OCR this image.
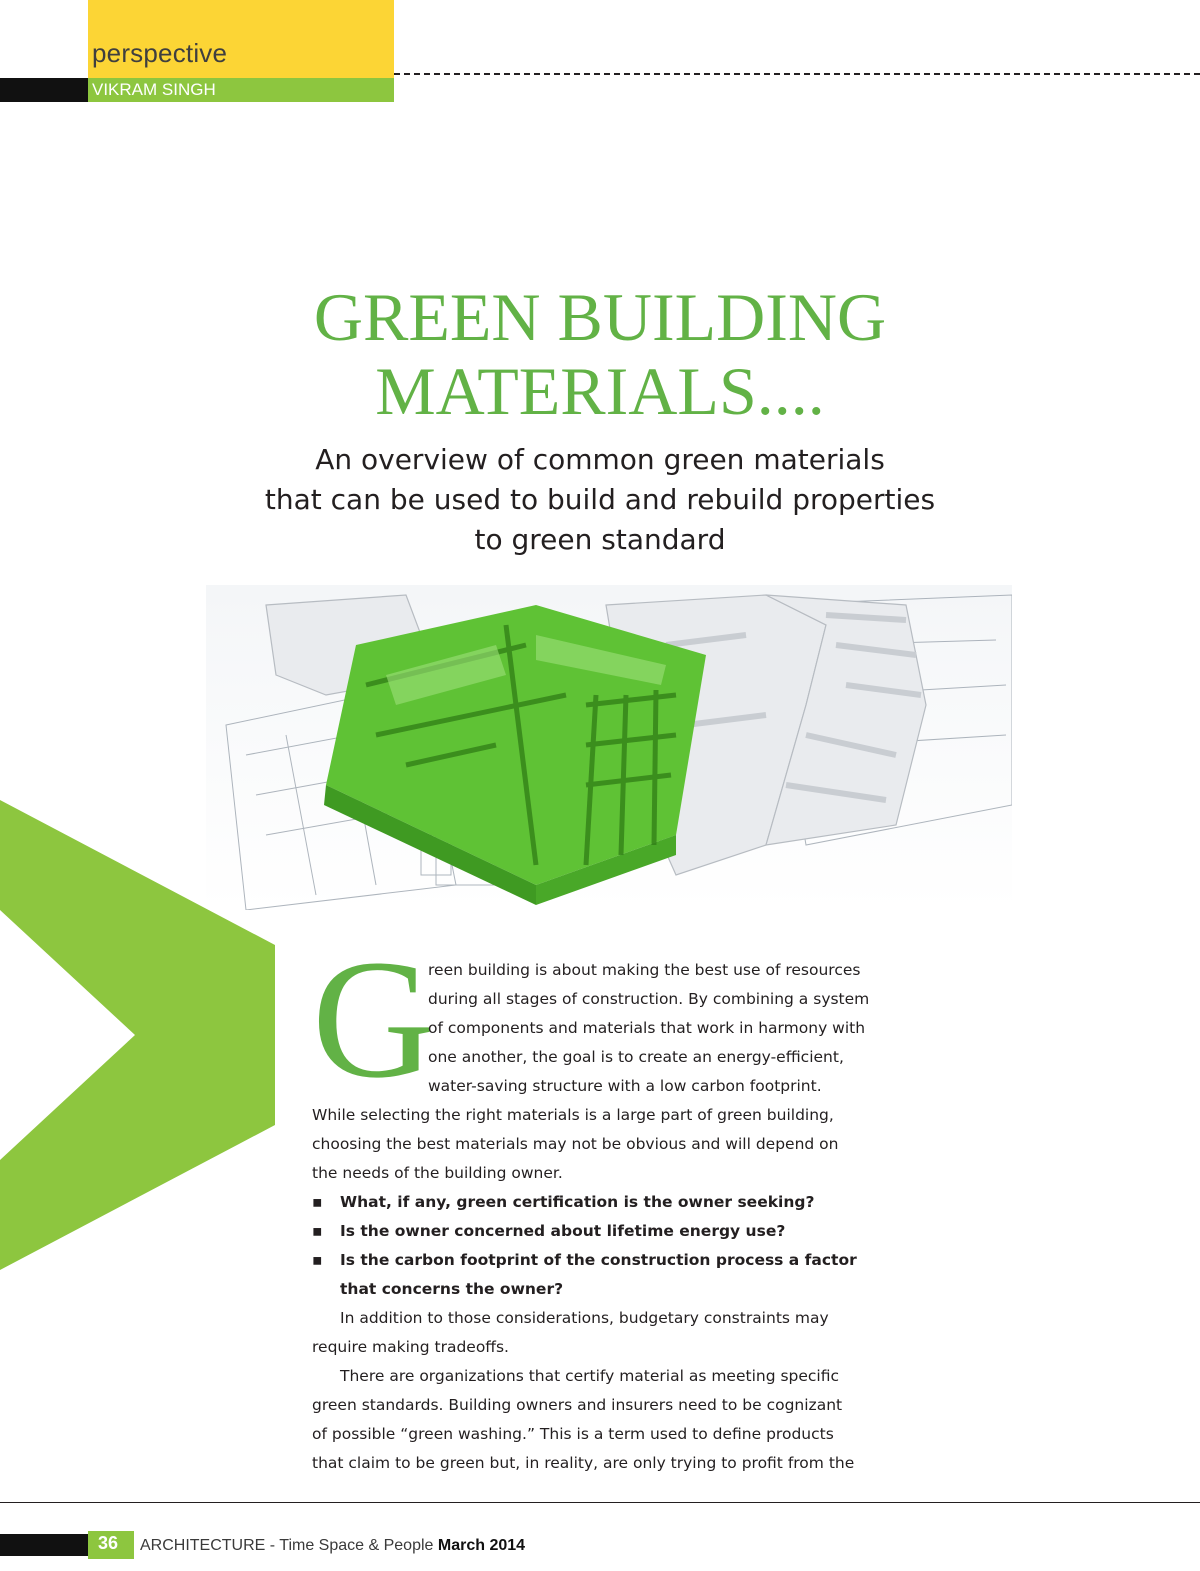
perspective
VIKRAM SINGH
GREEN BUILDING
MATERIALS....
An overview of common green materials
that can be used to build and rebuild properties
to green standard
G
reen building is about making the best use of resources
during all stages of construction. By combining a system
of components and materials that work in harmony with
one another, the goal is to create an energy-efficient,
water-saving structure with a low carbon footprint.
While selecting the right materials is a large part of green building,
choosing the best materials may not be obvious and will depend on
the needs of the building owner.
▪ What, if any, green certification is the owner seeking?
▪ Is the owner concerned about lifetime energy use?
▪ Is the carbon footprint of the construction process a factor
that concerns the owner?
In addition to those considerations, budgetary constraints may
require making tradeoffs.
There are organizations that certify material as meeting specific
green standards. Building owners and insurers need to be cognizant
of possible “green washing.” This is a term used to define products
that claim to be green but, in reality, are only trying to profit from the
36 ARCHITECTURE - Time Space & People March 2014
